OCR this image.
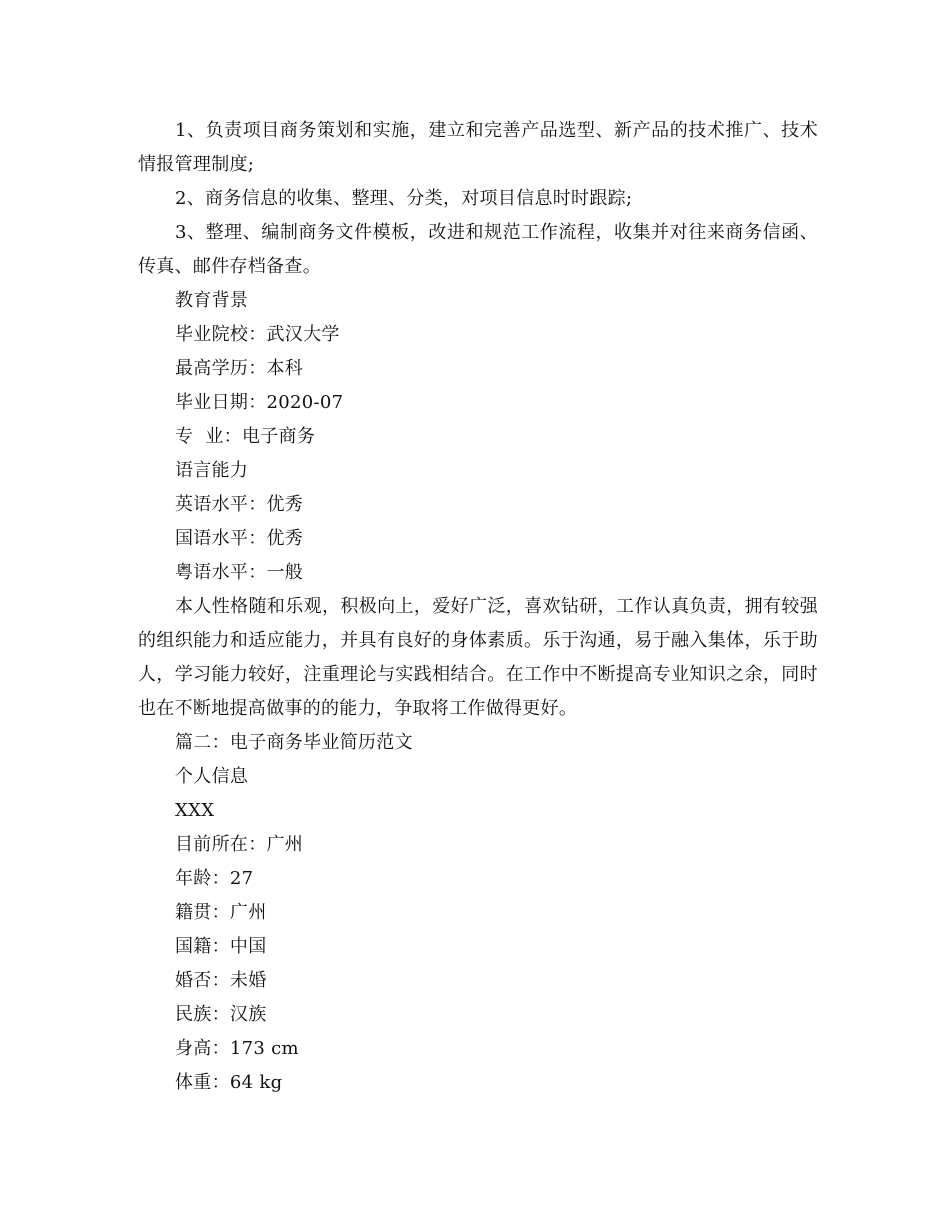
1、负责项目商务策划和实施，建立和完善产品选型、新产品的技术推广、技术情报管理制度;

2、商务信息的收集、整理、分类，对项目信息时时跟踪;

3、整理、编制商务文件模板，改进和规范工作流程，收集并对往来商务信函、传真、邮件存档备查。

教育背景

毕业院校：武汉大学

最高学历：本科

毕业日期：2020-07

专  业：电子商务

语言能力

英语水平：优秀

国语水平：优秀

粤语水平：一般

本人性格随和乐观，积极向上，爱好广泛，喜欢钻研，工作认真负责，拥有较强的组织能力和适应能力，并具有良好的身体素质。乐于沟通，易于融入集体，乐于助人，学习能力较好，注重理论与实践相结合。在工作中不断提高专业知识之余，同时也在不断地提高做事的的能力，争取将工作做得更好。

篇二：电子商务毕业简历范文

个人信息

XXX

目前所在：广州

年龄：27

籍贯：广州

国籍：中国

婚否：未婚

民族：汉族

身高：173 cm

体重：64 kg
